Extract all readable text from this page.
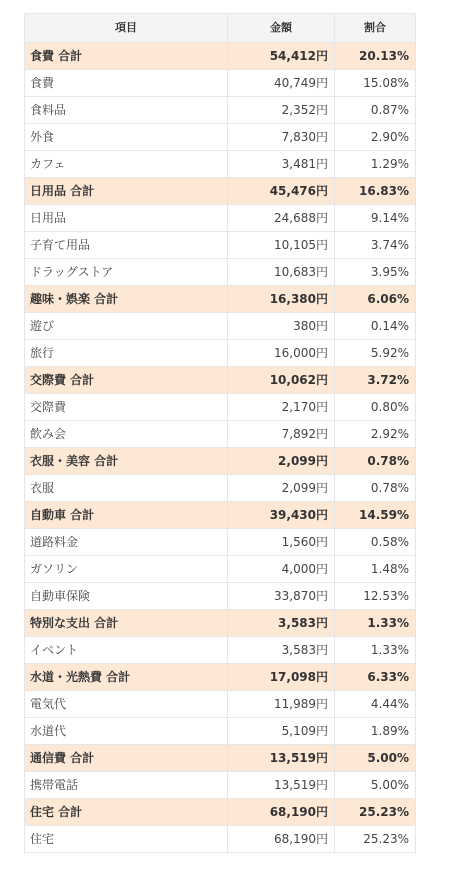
項目	金額	割合
食費 合計	54,412円	20.13%
食費	40,749円	15.08%
食料品	2,352円	0.87%
外食	7,830円	2.90%
カフェ	3,481円	1.29%
日用品 合計	45,476円	16.83%
日用品	24,688円	9.14%
子育て用品	10,105円	3.74%
ドラッグストア	10,683円	3.95%
趣味・娯楽 合計	16,380円	6.06%
遊び	380円	0.14%
旅行	16,000円	5.92%
交際費 合計	10,062円	3.72%
交際費	2,170円	0.80%
飲み会	7,892円	2.92%
衣服・美容 合計	2,099円	0.78%
衣服	2,099円	0.78%
自動車 合計	39,430円	14.59%
道路料金	1,560円	0.58%
ガソリン	4,000円	1.48%
自動車保険	33,870円	12.53%
特別な支出 合計	3,583円	1.33%
イベント	3,583円	1.33%
水道・光熱費 合計	17,098円	6.33%
電気代	11,989円	4.44%
水道代	5,109円	1.89%
通信費 合計	13,519円	5.00%
携帯電話	13,519円	5.00%
住宅 合計	68,190円	25.23%
住宅	68,190円	25.23%
